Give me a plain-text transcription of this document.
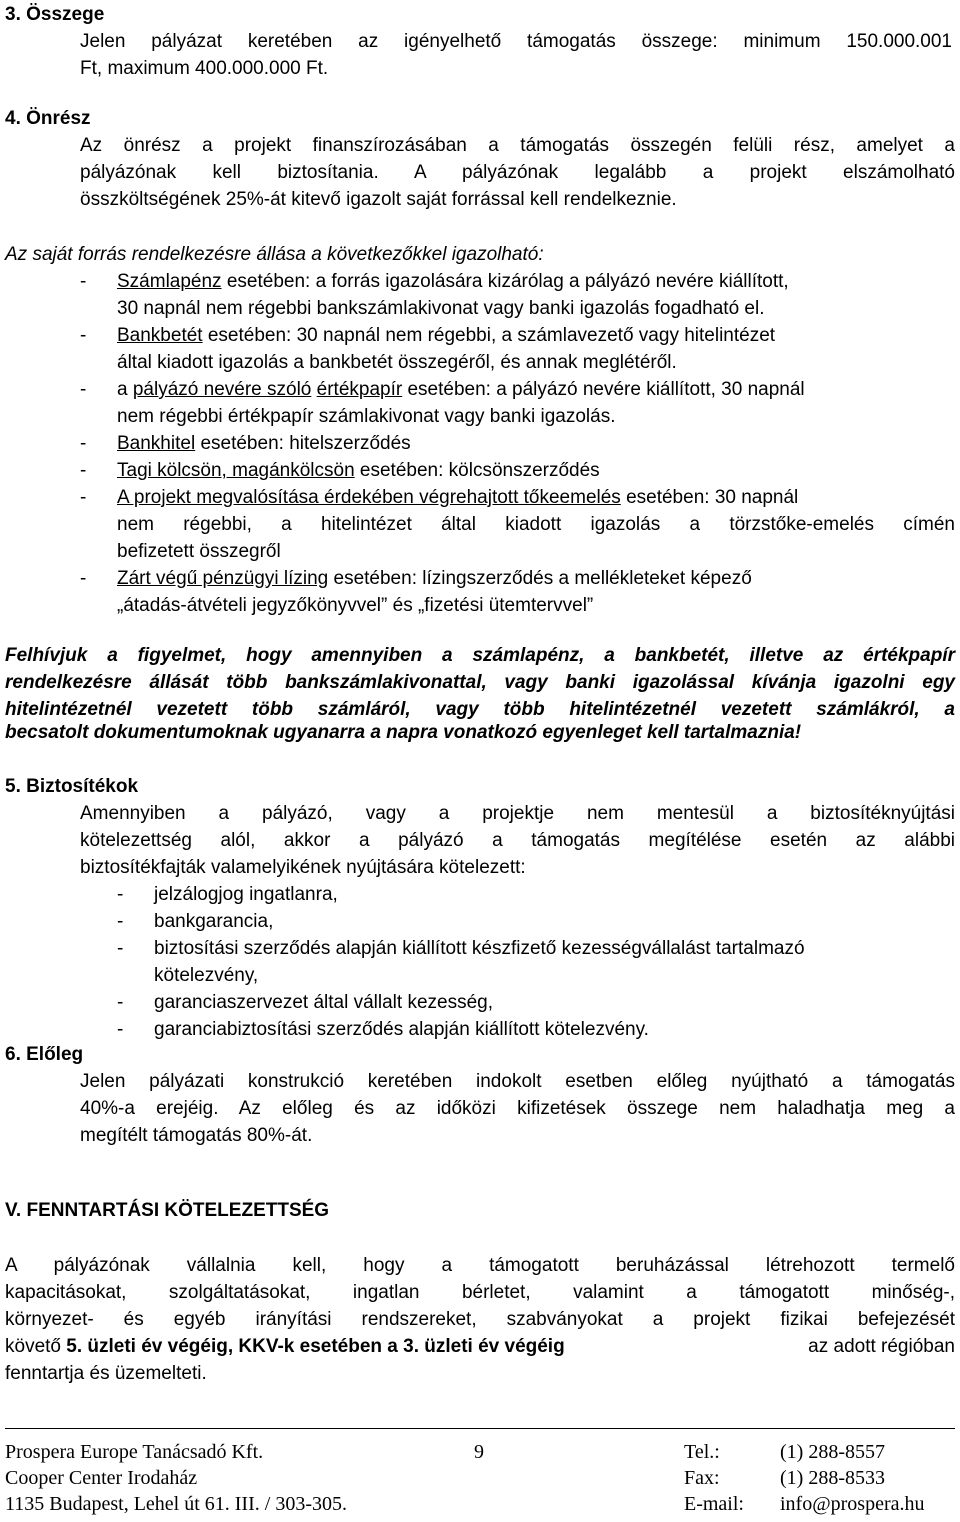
3. Összege
Jelen pályázat keretében az igényelhető támogatás összege: minimum 150.000.001
Ft, maximum 400.000.000 Ft.
4. Önrész
Az önrész a projekt finanszírozásában a támogatás összegén felüli rész, amelyet a
pályázónak kell biztosítania. A pályázónak legalább a projekt elszámolható
összköltségének 25%-át kitevő igazolt saját forrással kell rendelkeznie.
Az saját forrás rendelkezésre állása a következőkkel igazolható:
- Számlapénz esetében: a forrás igazolására kizárólag a pályázó nevére kiállított,
30 napnál nem régebbi bankszámlakivonat vagy banki igazolás fogadható el.
- Bankbetét esetében: 30 napnál nem régebbi, a számlavezető vagy hitelintézet
által kiadott igazolás a bankbetét összegéről, és annak meglétéről.
- a pályázó nevére szóló értékpapír esetében: a pályázó nevére kiállított, 30 napnál
nem régebbi értékpapír számlakivonat vagy banki igazolás.
- Bankhitel esetében: hitelszerződés
- Tagi kölcsön, magánkölcsön esetében: kölcsönszerződés
- A projekt megvalósítása érdekében végrehajtott tőkeemelés esetében: 30 napnál
nem régebbi, a hitelintézet által kiadott igazolás a törzstőke-emelés címén
befizetett összegről
- Zárt végű pénzügyi lízing esetében: lízingszerződés a mellékleteket képező
„átadás-átvételi jegyzőkönyvvel” és „fizetési ütemtervvel”
Felhívjuk a figyelmet, hogy amennyiben a számlapénz, a bankbetét, illetve az értékpapír
rendelkezésre állását több bankszámlakivonattal, vagy banki igazolással kívánja igazolni egy
hitelintézetnél vezetett több számláról, vagy több hitelintézetnél vezetett számlákról, a
becsatolt dokumentumoknak ugyanarra a napra vonatkozó egyenleget kell tartalmaznia!
5. Biztosítékok
Amennyiben a pályázó, vagy a projektje nem mentesül a biztosítéknyújtási
kötelezettség alól, akkor a pályázó a támogatás megítélése esetén az alábbi
biztosítékfajták valamelyikének nyújtására kötelezett:
- jelzálogjog ingatlanra,
- bankgarancia,
- biztosítási szerződés alapján kiállított készfizető kezességvállalást tartalmazó
kötelezvény,
- garanciaszervezet által vállalt kezesség,
- garanciabiztosítási szerződés alapján kiállított kötelezvény.
6. Előleg
Jelen pályázati konstrukció keretében indokolt esetben előleg nyújtható a támogatás
40%-a erejéig. Az előleg és az időközi kifizetések összege nem haladhatja meg a
megítélt támogatás 80%-át.
V. FENNTARTÁSI KÖTELEZETTSÉG
A pályázónak vállalnia kell, hogy a támogatott beruházással létrehozott termelő
kapacitásokat, szolgáltatásokat, ingatlan bérletet, valamint a támogatott minőség-,
környezet- és egyéb irányítási rendszereket, szabványokat a projekt fizikai befejezését
követő 5. üzleti év végéig, KKV-k esetében a 3. üzleti év végéig	az adott régióban
fenntartja és üzemelteti.
Prospera Europe Tanácsadó Kft.
Cooper Center Irodaház
1135 Budapest, Lehel út 61. III. / 303-305.
9	Tel.:	(1) 288-8557
Fax:	(1) 288-8533
E-mail: info@prospera.hu
